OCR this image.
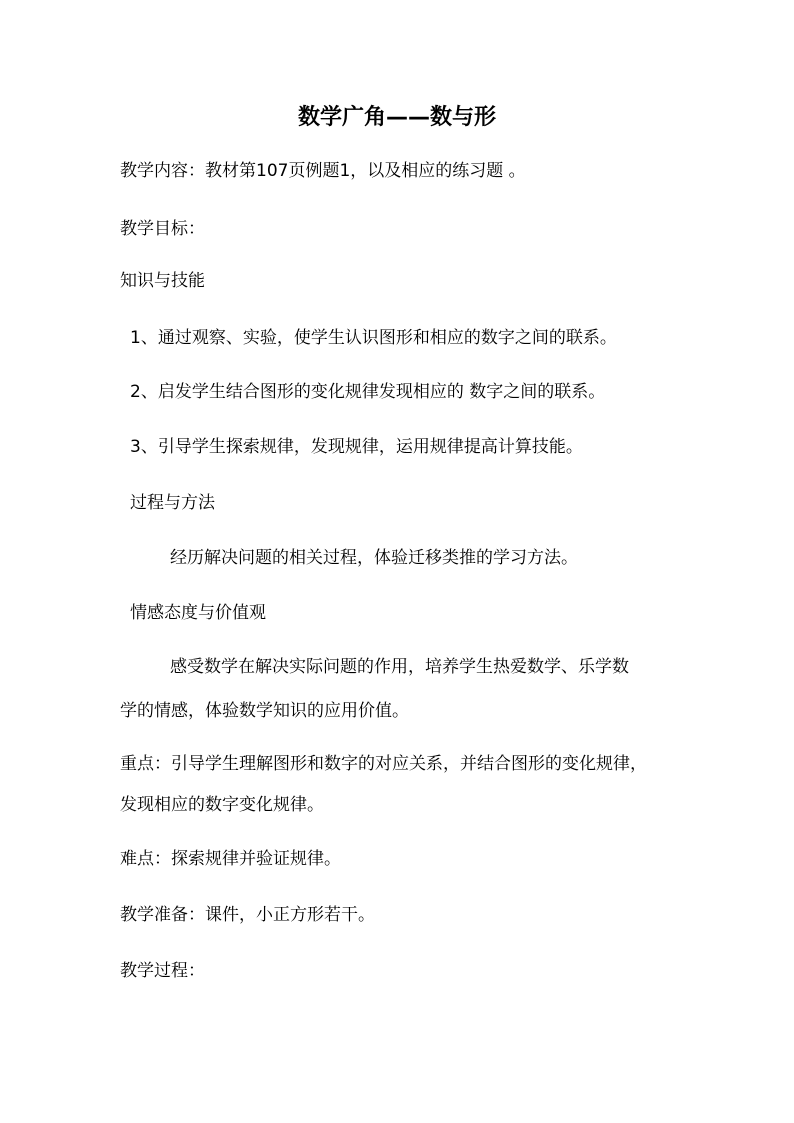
数学广角——数与形
教学内容：教材第107页例题1，以及相应的练习题 。
教学目标：
知识与技能
1、通过观察、实验，使学生认识图形和相应的数字之间的联系。
2、启发学生结合图形的变化规律发现相应的 数字之间的联系。
3、引导学生探索规律，发现规律，运用规律提高计算技能。
过程与方法
经历解决问题的相关过程，体验迁移类推的学习方法。
情感态度与价值观
感受数学在解决实际问题的作用，培养学生热爱数学、乐学数
学的情感，体验数学知识的应用价值。
重点：引导学生理解图形和数字的对应关系，并结合图形的变化规律，
发现相应的数字变化规律。
难点：探索规律并验证规律。
教学准备：课件，小正方形若干。
教学过程：
